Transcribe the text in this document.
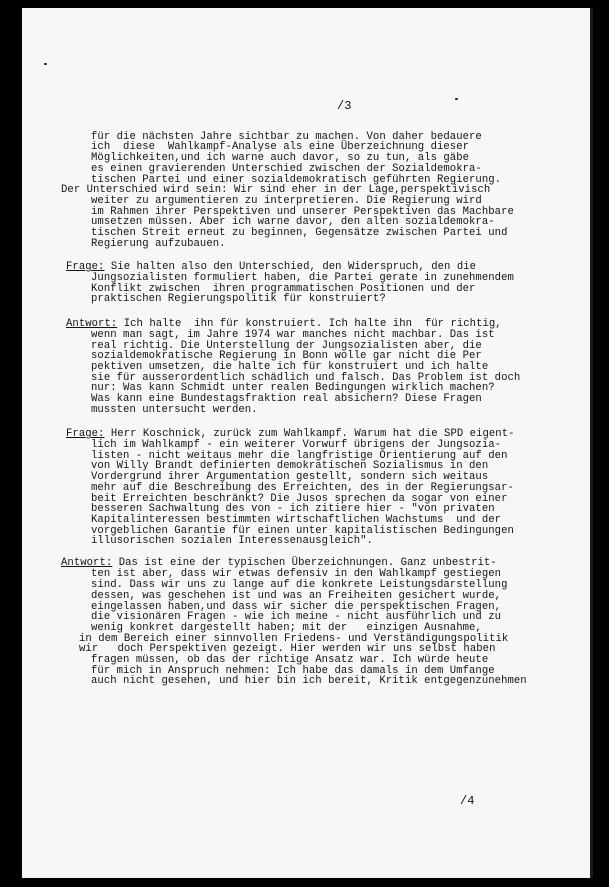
/3
für die nächsten Jahre sichtbar zu machen. Von daher bedauere
ich  diese  Wahlkampf-Analyse als eine Überzeichnung dieser
Möglichkeiten,und ich warne auch davor, so zu tun, als gäbe
es einen gravierenden Unterschied zwischen der Sozialdemokra-
tischen Partei und einer sozialdemokratisch geführten Regierung.
Der Unterschied wird sein: Wir sind eher in der Lage,perspektivisch
weiter zu argumentieren zu interpretieren. Die Regierung wird
im Rahmen ihrer Perspektiven und unserer Perspektiven das Machbare
umsetzen müssen. Aber ich warne davor, den alten sozialdemokra-
tischen Streit erneut zu beginnen, Gegensätze zwischen Partei und
Regierung aufzubauen.
Frage: Sie halten also den Unterschied, den Widerspruch, den die
Jungsozialisten formuliert haben, die Partei gerate in zunehmendem
Konflikt zwischen  ihren programmatischen Positionen und der
praktischen Regierungspolitik für konstruiert?
Antwort: Ich halte  ihn für konstruiert. Ich halte ihn  für richtig,
wenn man sagt, im Jahre 1974 war manches nicht machbar. Das ist
real richtig. Die Unterstellung der Jungsozialisten aber, die
sozialdemokratische Regierung in Bonn wolle gar nicht die Per
pektiven umsetzen, die halte ich für konstruiert und ich halte
sie für ausserordentlich schädlich und falsch. Das Problem ist doch
nur: Was kann Schmidt unter realen Bedingungen wirklich machen?
Was kann eine Bundestagsfraktion real absichern? Diese Fragen
mussten untersucht werden.
Frage: Herr Koschnick, zurück zum Wahlkampf. Warum hat die SPD eigent-
lich im Wahlkampf - ein weiterer Vorwurf übrigens der Jungsozia-
listen - nicht weitaus mehr die langfristige Orientierung auf den
von Willy Brandt definierten demokratischen Sozialismus in den
Vordergrund ihrer Argumentation gestellt, sondern sich weitaus
mehr auf die Beschreibung des Erreichten, des in der Regierungsar-
beit Erreichten beschränkt? Die Jusos sprechen da sogar von einer
besseren Sachwaltung des von - ich zitiere hier - "von privaten
Kapitalinteressen bestimmten wirtschaftlichen Wachstums  und der
vorgeblichen Garantie für einen unter kapitalistischen Bedingungen
illusorischen sozialen Interessenausgleich".
Antwort: Das ist eine der typischen Überzeichnungen. Ganz unbestrit-
ten ist aber, dass wir etwas defensiv in den Wahlkampf gestiegen
sind. Dass wir uns zu lange auf die konkrete Leistungsdarstellung
dessen, was geschehen ist und was an Freiheiten gesichert wurde,
eingelassen haben,und dass wir sicher die perspektischen Fragen,
die visionären Fragen - wie ich meine - nicht ausführlich und zu
wenig konkret dargestellt haben; mit der   einzigen Ausnahme,
in dem Bereich einer sinnvollen Friedens- und Verständigungspolitik
wir   doch Perspektiven gezeigt. Hier werden wir uns selbst haben
fragen müssen, ob das der richtige Ansatz war. Ich würde heute
für mich in Anspruch nehmen: Ich habe das damals in dem Umfange
auch nicht gesehen, und hier bin ich bereit, Kritik entgegenzunehmen
/4
